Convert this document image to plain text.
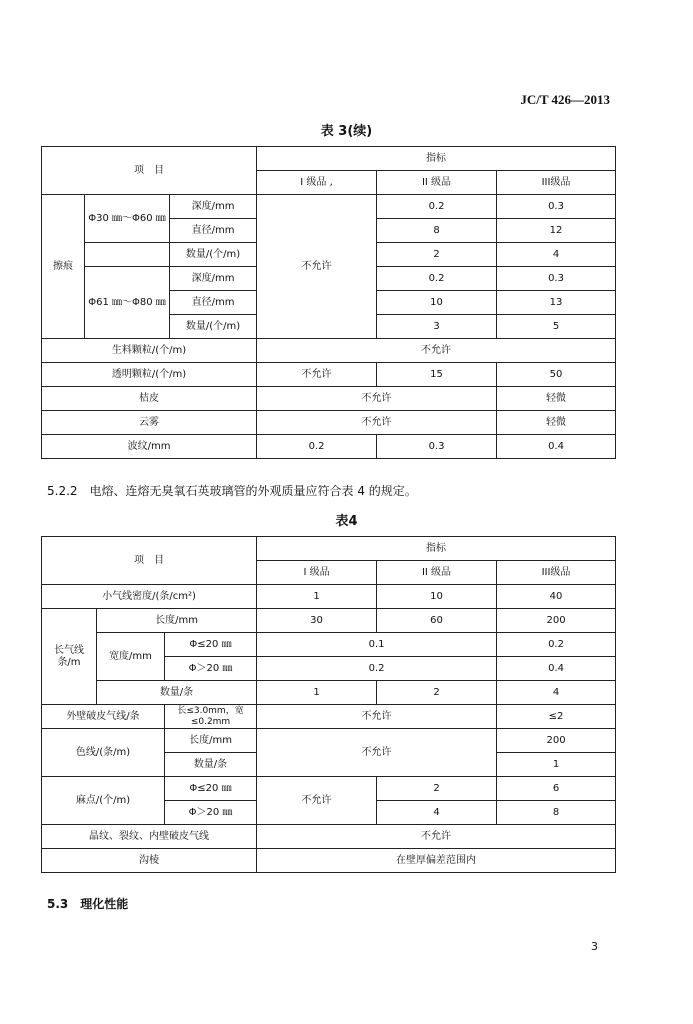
JC/T 426—2013
表 3(续)
项　目			指标		
			I 级品 ,	II 级品	III级品
擦痕	Φ30 ㎜～Φ60 ㎜	深度/mm	不允许	0.2	0.3
		直径/mm		8	12
		数量/(个/m)		2	4
	Φ61 ㎜～Φ80 ㎜	深度/mm		0.2	0.3
		直径/mm		10	13
		数量/(个/m)		3	5
生料颗粒/(个/m)			不允许		
透明颗粒/(个/m)			不允许	15	50
桔皮			不允许		轻微
云雾			不允许		轻微
波纹/mm			0.2	0.3	0.4
5.2.2　电熔、连熔无臭氧石英玻璃管的外观质量应符合表 4 的规定。
表4
项　目			指标		
			I 级品	II 级品	III级品
小气线密度/(条/cm²)			1	10	40
长气线条/m	长度/mm		30	60	200
	宽度/mm	Φ≤20 ㎜	0.1		0.2
		Φ＞20 ㎜	0.2		0.4
	数量/条		1	2	4
外壁破皮气线/条		长≤3.0mm，宽≤0.2mm	不允许		≤2
色线/(条/m)		长度/mm	不允许		200
		数量/条			1
麻点/(个/m)		Φ≤20 ㎜	不允许	2	6
		Φ＞20 ㎜		4	8
晶纹、裂纹、内壁破皮气线			不允许		
沟棱			在壁厚偏差范围内		
5.3　理化性能
3
